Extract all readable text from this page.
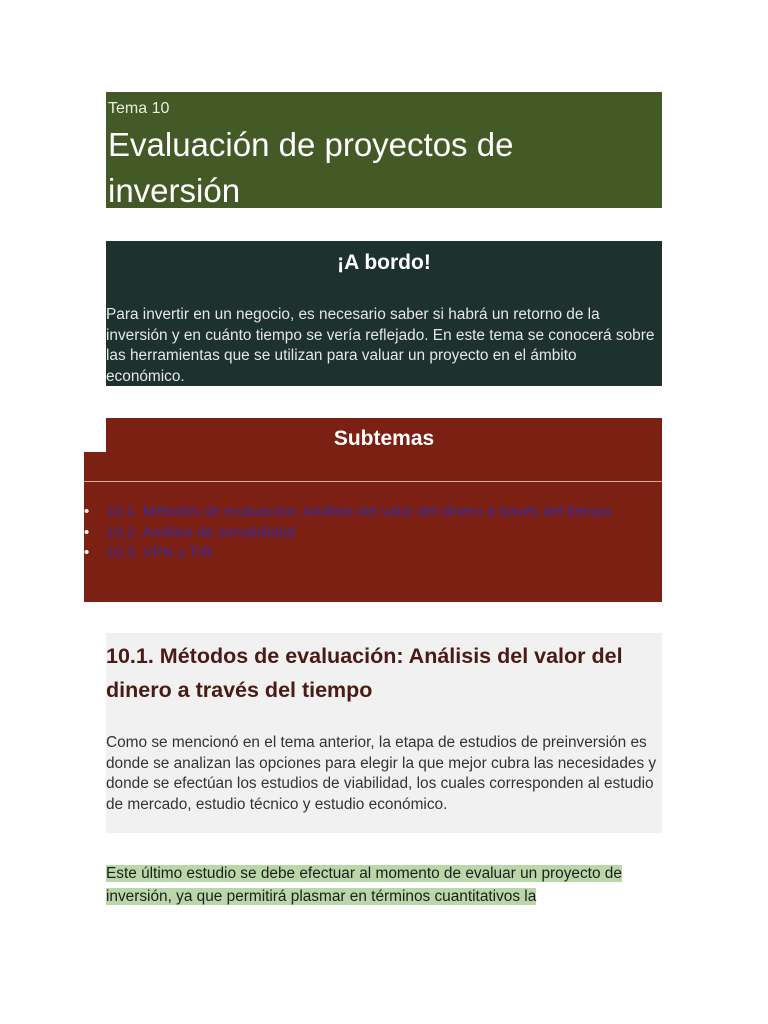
Tema 10
Evaluación de proyectos de inversión
¡A bordo!

Para invertir en un negocio, es necesario saber si habrá un retorno de la inversión y en cuánto tiempo se vería reflejado. En este tema se conocerá sobre las herramientas que se utilizan para valuar un proyecto en el ámbito económico.

Subtemas
• 10.1. Métodos de evaluación: Análisis del valor del dinero a través del tiempo
• 10.2. Análisis de sensibilidad
• 10.3. VPN y TIR
10.1. Métodos de evaluación: Análisis del valor del dinero a través del tiempo

Como se mencionó en el tema anterior, la etapa de estudios de preinversión es donde se analizan las opciones para elegir la que mejor cubra las necesidades y donde se efectúan los estudios de viabilidad, los cuales corresponden al estudio de mercado, estudio técnico y estudio económico.

Este último estudio se debe efectuar al momento de evaluar un proyecto de inversión, ya que permitirá plasmar en términos cuantitativos la
